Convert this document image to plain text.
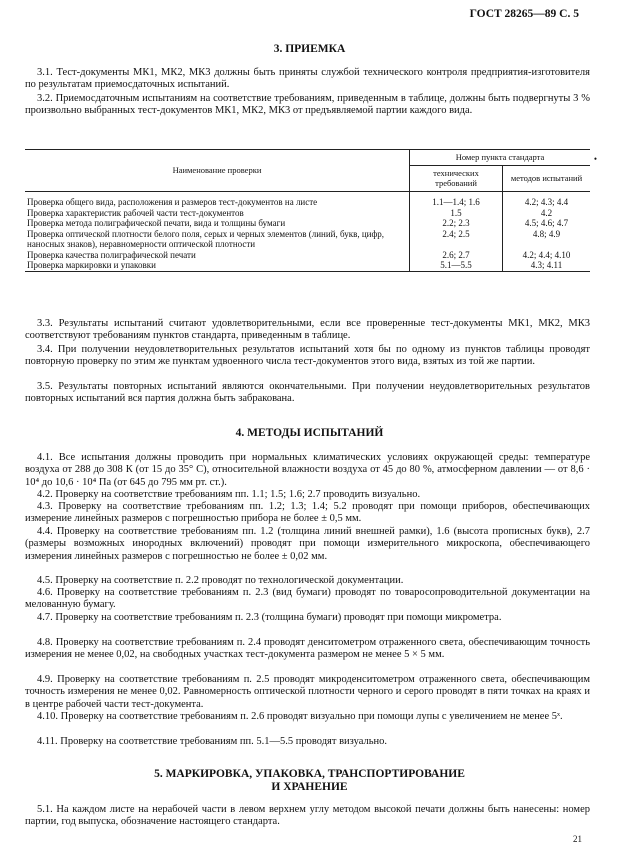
ГОСТ 28265—89 С. 5
3. ПРИЕМКА

3.1. Тест-документы МК1, МК2, МК3 должны быть приняты службой технического контроля предприятия-изготовителя по результатам приемосдаточных испытаний.

3.2. Приемосдаточным испытаниям на соответствие требованиям, приведенным в таблице, должны быть подвергнуты 3 % произвольно выбранных тест-документов МК1, МК2, МК3 от предъявляемой партии каждого вида.

•
Наименование проверки	Номер пункта стандарта	
	технических требований	методов испытаний

Проверка общего вида, расположения и размеров тест-документов на листе	1.1—1.4; 1.6	4.2; 4.3; 4.4
Проверка характеристик рабочей части тест-документов	1.5	4.2
Проверка метода полиграфической печати, вида и толщины бумаги	2.2; 2.3	4.5; 4.6; 4.7
Проверка оптической плотности белого поля, серых и черных элементов (линий, букв, цифр, наносных знаков), неравномерности оптической плотности	2.4; 2.5	4.8; 4.9
Проверка качества полиграфической печати	2.6; 2.7	4.2; 4.4; 4.10
Проверка маркировки и упаковки	5.1—5.5	4.3; 4.11

3.3. Результаты испытаний считают удовлетворительными, если все проверенные тест-документы МК1, МК2, МК3 соответствуют требованиям пунктов стандарта, приведенным в таблице.

3.4. При получении неудовлетворительных результатов испытаний хотя бы по одному из пунктов таблицы проводят повторную проверку по этим же пунктам удвоенного числа тест-документов этого вида, взятых из той же партии.

3.5. Результаты повторных испытаний являются окончательными. При получении неудовлетворительных результатов повторных испытаний вся партия должна быть забракована.

4. МЕТОДЫ ИСПЫТАНИЙ

4.1. Все испытания должны проводить при нормальных климатических условиях окружающей среды: температуре воздуха от 288 до 308 К (от 15 до 35° С), относительной влажности воздуха от 45 до 80 %, атмосферном давлении — от 8,6 · 10⁴ до 10,6 · 10⁴ Па (от 645 до 795 мм рт. ст.).

4.2. Проверку на соответствие требованиям пп. 1.1; 1.5; 1.6; 2.7 проводить визуально.

4.3. Проверку на соответствие требованиям пп. 1.2; 1.3; 1.4; 5.2 проводят при помощи приборов, обеспечивающих измерение линейных размеров с погрешностью прибора не более ± 0,5 мм.

4.4. Проверку на соответствие требованиям пп. 1.2 (толщина линий внешней рамки), 1.6 (высота прописных букв), 2.7 (размеры возможных инородных включений) проводят при помощи измерительного микроскопа, обеспечивающего измерения линейных размеров с погрешностью не более ± 0,02 мм.

4.5. Проверку на соответствие п. 2.2 проводят по технологической документации.

4.6. Проверку на соответствие требованиям п. 2.3 (вид бумаги) проводят по товаросопроводительной документации на мелованную бумагу.

4.7. Проверку на соответствие требованиям п. 2.3 (толщина бумаги) проводят при помощи микрометра.

4.8. Проверку на соответствие требованиям п. 2.4 проводят денситометром отраженного света, обеспечивающим точность измерения не менее 0,02, на свободных участках тест-документа размером не менее 5 × 5 мм.

4.9. Проверку на соответствие требованиям п. 2.5 проводят микроденситометром отраженного света, обеспечивающим точность измерения не менее 0,02. Равномерность оптической плотности черного и серого проводят в пяти точках на краях и в центре рабочей части тест-документа.

4.10. Проверку на соответствие требованиям п. 2.6 проводят визуально при помощи лупы с увеличением не менее 5ˣ.

4.11. Проверку на соответствие требованиям пп. 5.1—5.5 проводят визуально.

5. МАРКИРОВКА, УПАКОВКА, ТРАНСПОРТИРОВАНИЕ
И ХРАНЕНИЕ

5.1. На каждом листе на нерабочей части в левом верхнем углу методом высокой печати должны быть нанесены: номер партии, год выпуска, обозначение настоящего стандарта.

21
